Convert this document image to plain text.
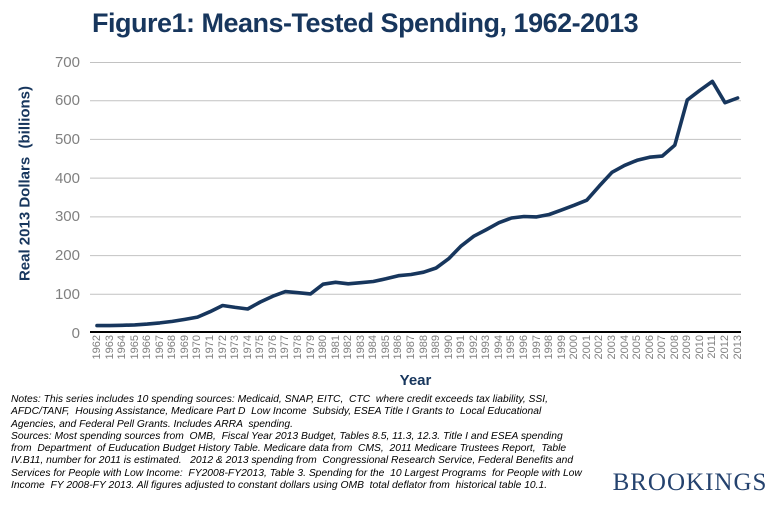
Figure1: Means-Tested Spending, 1962-2013
Real 2013 Dollars  (billions)
0
100
200
300
400
500
600
700
1962 1963 1964 1965 1966 1967 1968 1969 1970 1971 1972 1973 1974 1975 1976 1977 1978 1979 1980 1981 1982 1983 1984 1985 1986 1987 1988 1989 1990 1991 1992 1993 1994 1995 1996 1997 1998 1999 2000 2001 2002 2003 2004 2005 2006 2007 2008 2009 2010 2011 2012 2013
Year
Notes: This series includes 10 spending sources: Medicaid, SNAP, EITC,  CTC  where credit exceeds tax liability, SSI,
AFDC/TANF,  Housing Assistance, Medicare Part D  Low Income  Subsidy, ESEA Title I Grants to  Local Educational
Agencies, and Federal Pell Grants. Includes ARRA  spending.
Sources: Most spending sources from  OMB,  Fiscal Year 2013 Budget, Tables 8.5, 11.3, 12.3. Title I and ESEA spending
from  Department  of Euducation Budget History Table. Medicare data from  CMS,  2011 Medicare Trustees Report,  Table
IV.B11, number for 2011 is estimated.   2012 & 2013 spending from  Congressional Research Service, Federal Benefits and
Services for People with Low Income:  FY2008-FY2013, Table 3. Spending for the  10 Largest Programs  for People with Low
Income  FY 2008-FY 2013. All figures adjusted to constant dollars using OMB  total deflator from  historical table 10.1.	BROOKINGS
